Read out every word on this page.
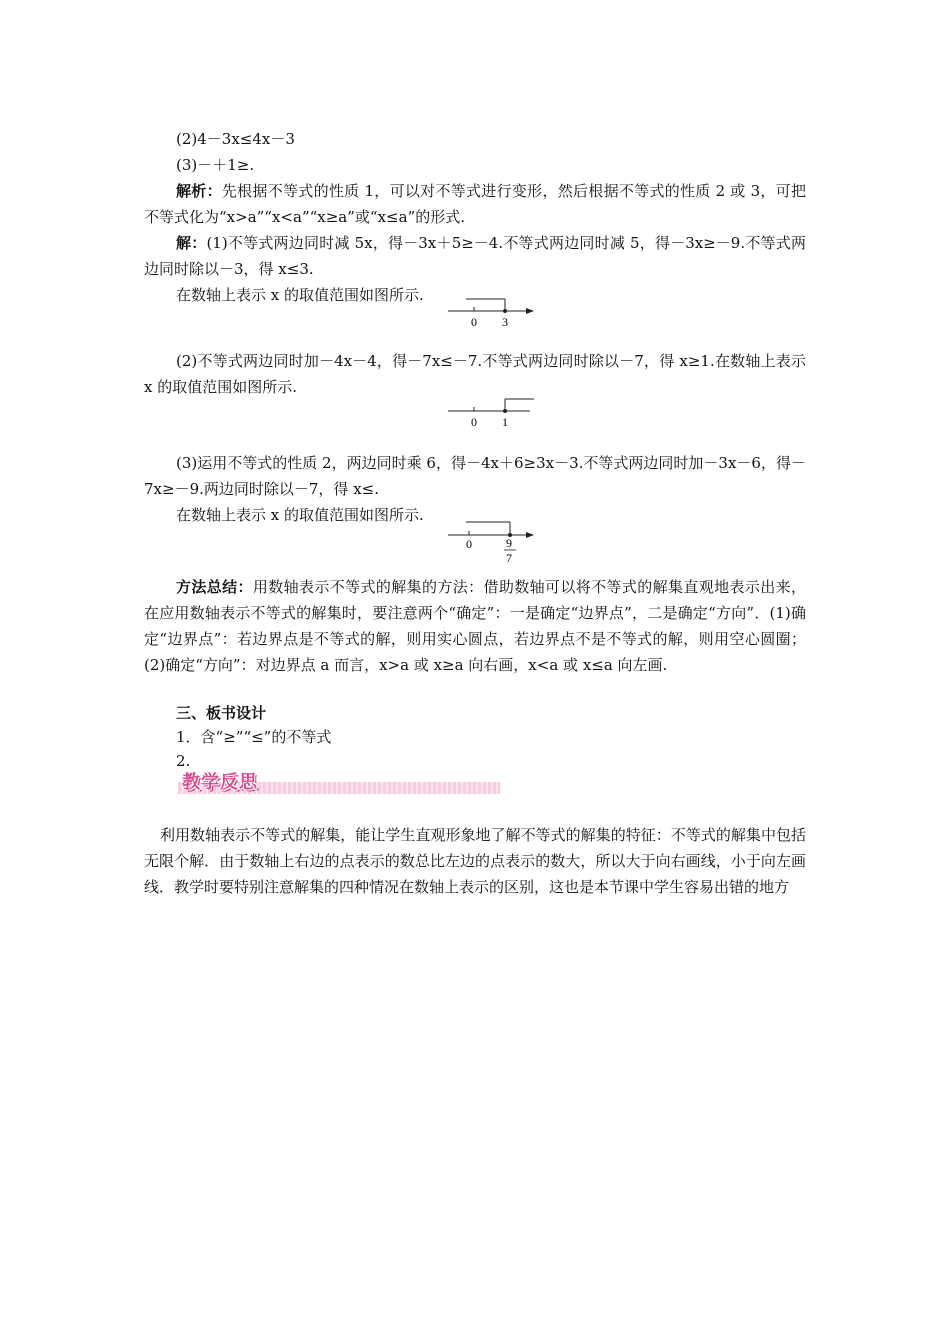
(2)4－3x≤4x－3
(3)－＋1≥.

解析：先根据不等式的性质 1，可以对不等式进行变形，然后根据不等式的性质 2 或 3，可把不等式化为“x>a”“x<a”“x≥a”或“x≤a”的形式.

解：(1)不等式两边同时减 5x，得－3x＋5≥－4.不等式两边同时减 5，得－3x≥－9.不等式两边同时除以－3，得 x≤3.

在数轴上表示 x 的取值范围如图所示.
0 3

(2)不等式两边同时加－4x－4，得－7x≤－7.不等式两边同时除以－7，得 x≥1.在数轴上表示 x 的取值范围如图所示.

0 1

(3)运用不等式的性质 2，两边同时乘 6，得－4x＋6≥3x－3.不等式两边同时加－3x－6，得－7x≥－9.两边同时除以－7，得 x≤.

在数轴上表示 x 的取值范围如图所示.
0	9
7

方法总结：用数轴表示不等式的解集的方法：借助数轴可以将不等式的解集直观地表示出来，在应用数轴表示不等式的解集时，要注意两个“确定”：一是确定“边界点”，二是确定“方向”．(1)确定“边界点”：若边界点是不等式的解，则用实心圆点，若边界点不是不等式的解，则用空心圆圈；(2)确定“方向”：对边界点 a 而言，x>a 或 x≥a 向右画，x<a 或 x≤a 向左画.

三、板书设计
1．含“≥”“≤”的不等式
2.
教学反思

利用数轴表示不等式的解集，能让学生直观形象地了解不等式的解集的特征：不等式的解集中包括无限个解．由于数轴上右边的点表示的数总比左边的点表示的数大，所以大于向右画线，小于向左画线．教学时要特别注意解集的四种情况在数轴上表示的区别，这也是本节课中学生容易出错的地方
